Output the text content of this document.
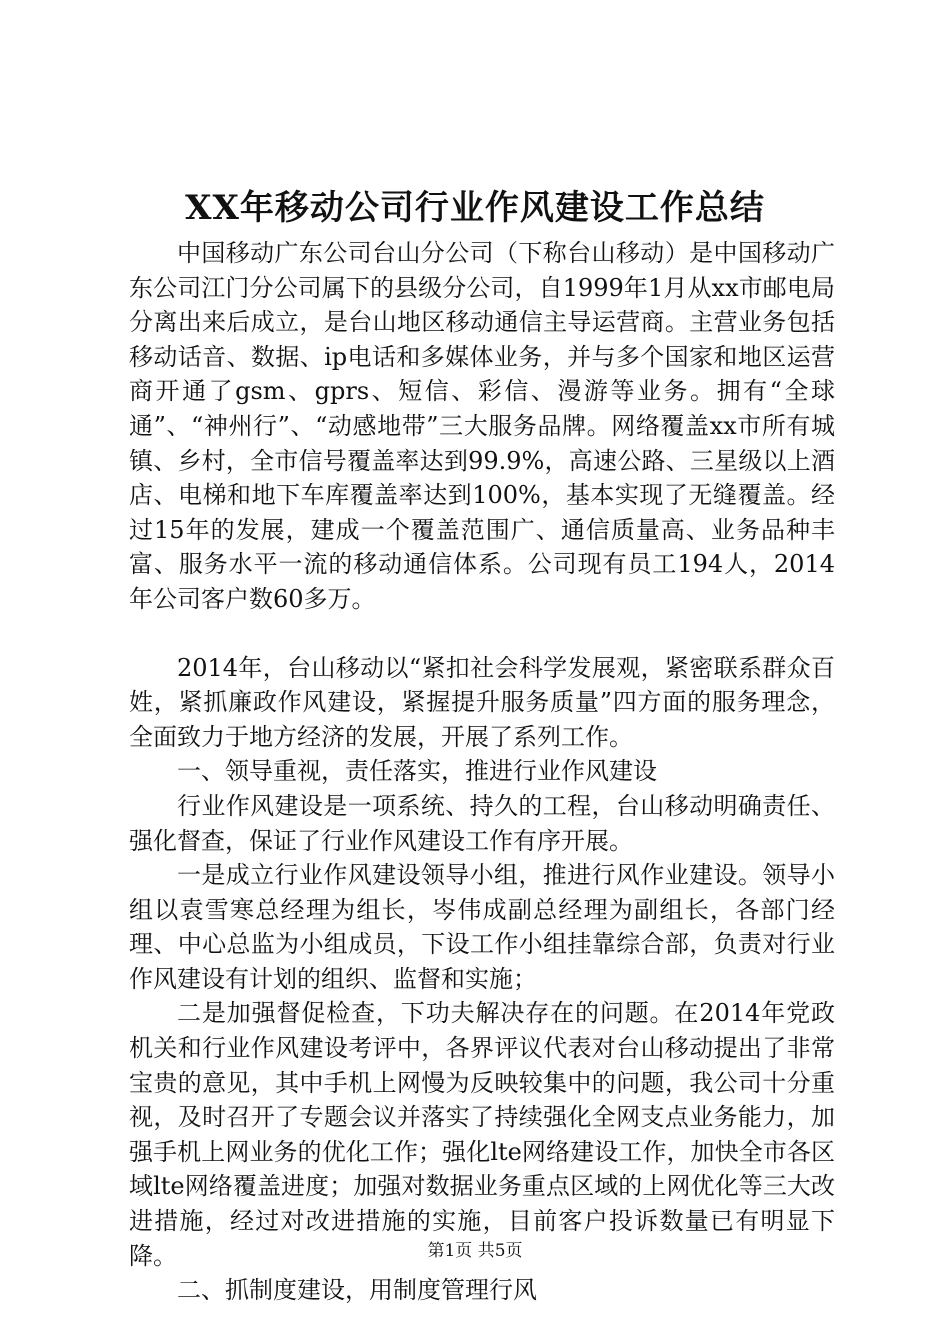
XX年移动公司行业作风建设工作总结

中国移动广东公司台山分公司（下称台山移动）是中国移动广东公司江门分公司属下的县级分公司，自1999年1月从xx市邮电局分离出来后成立，是台山地区移动通信主导运营商。主营业务包括移动话音、数据、ip电话和多媒体业务，并与多个国家和地区运营商开通了gsm、gprs、短信、彩信、漫游等业务。拥有“全球通”、“神州行”、“动感地带”三大服务品牌。网络覆盖xx市所有城镇、乡村，全市信号覆盖率达到99.9%，高速公路、三星级以上酒店、电梯和地下车库覆盖率达到100%，基本实现了无缝覆盖。经过15年的发展，建成一个覆盖范围广、通信质量高、业务品种丰富、服务水平一流的移动通信体系。公司现有员工194人，2014年公司客户数60多万。

2014年，台山移动以“紧扣社会科学发展观，紧密联系群众百姓，紧抓廉政作风建设，紧握提升服务质量”四方面的服务理念，全面致力于地方经济的发展，开展了系列工作。

一、领导重视，责任落实，推进行业作风建设

行业作风建设是一项系统、持久的工程，台山移动明确责任、强化督查，保证了行业作风建设工作有序开展。

一是成立行业作风建设领导小组，推进行风作业建设。领导小组以袁雪寒总经理为组长，岑伟成副总经理为副组长，各部门经理、中心总监为小组成员，下设工作小组挂靠综合部，负责对行业作风建设有计划的组织、监督和实施；

二是加强督促检查，下功夫解决存在的问题。在2014年党政机关和行业作风建设考评中，各界评议代表对台山移动提出了非常宝贵的意见，其中手机上网慢为反映较集中的问题，我公司十分重视，及时召开了专题会议并落实了持续强化全网支点业务能力，加强手机上网业务的优化工作；强化lte网络建设工作，加快全市各区域lte网络覆盖进度；加强对数据业务重点区域的上网优化等三大改进措施，经过对改进措施的实施，目前客户投诉数量已有明显下降。

二、抓制度建设，用制度管理行风

第1页 共5页
